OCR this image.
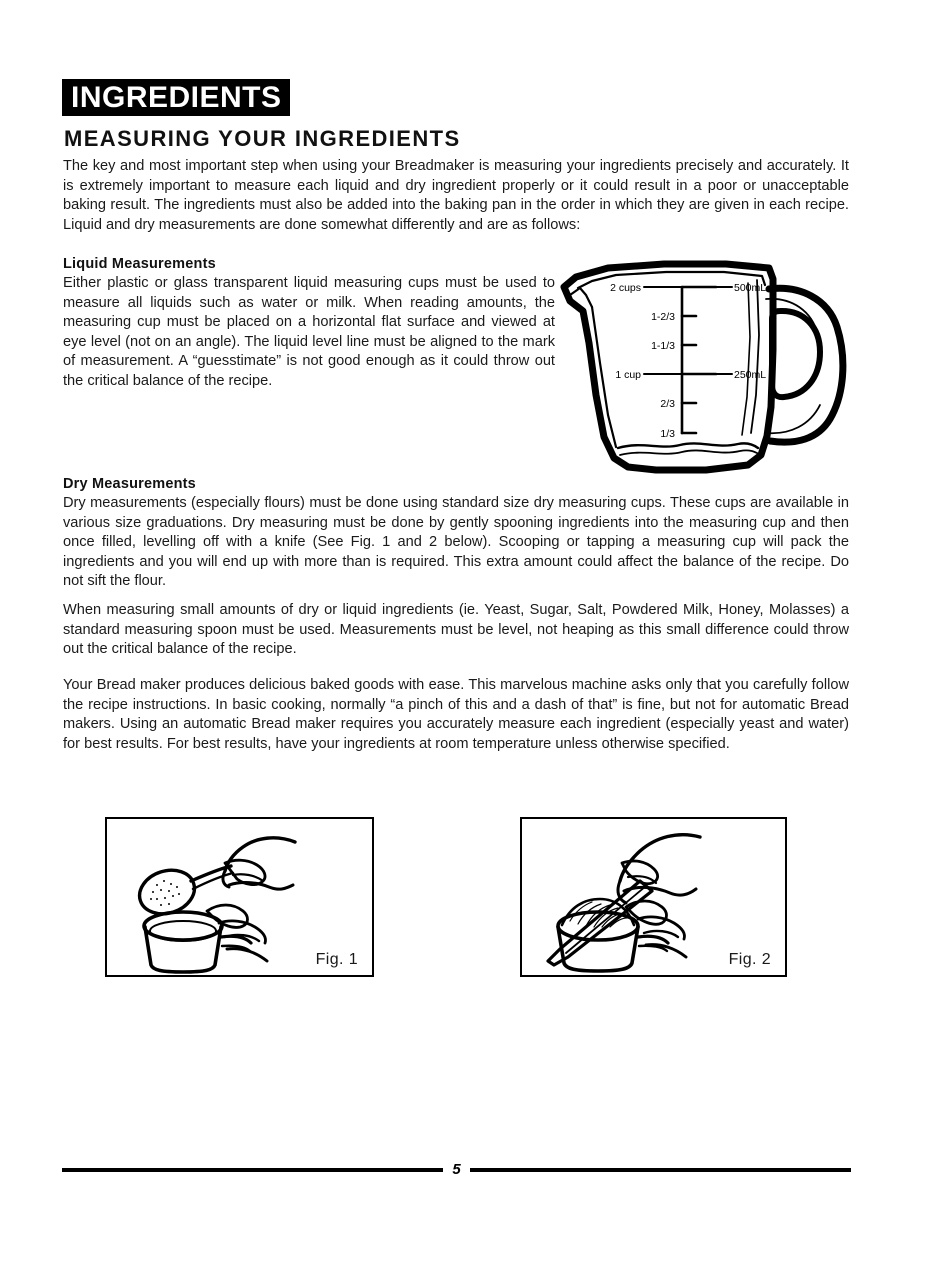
INGREDIENTS
MEASURING YOUR INGREDIENTS

The key and most important step when using your Breadmaker is measuring your ingredients precisely and accurately. It is extremely important to measure each liquid and dry ingredient properly or it could result in a poor or unacceptable baking result. The ingredients must also be added into the baking pan in the order in which they are given in each recipe. Liquid and dry measurements are done somewhat differently and are as follows:

Liquid Measurements

Either plastic or glass transparent liquid measuring cups must be used to measure all liquids such as water or milk. When reading amounts, the measuring cup must be placed on a horizontal flat surface and viewed at eye level (not on an angle). The liquid level line must be aligned to the mark of measurement. A “guesstimate” is not good enough as it could throw out the critical balance of the recipe.

2 cups
1-2/3
1-1/3
1 cup
2/3
1/3
500mL
250mL
Dry Measurements

Dry measurements (especially flours) must be done using standard size dry measuring cups. These cups are available in various size graduations. Dry measuring must be done by gently spooning ingredients into the measuring cup and then once filled, levelling off with a knife (See Fig. 1 and 2 below). Scooping or tapping a measuring cup will pack the ingredients and you will end up with more than is required. This extra amount could affect the balance of the recipe. Do not sift the flour.

When measuring small amounts of dry or liquid ingredients (ie. Yeast, Sugar, Salt, Powdered Milk, Honey, Molasses) a standard measuring spoon must be used. Measurements must be level, not heaping as this small difference could throw out the critical balance of the recipe.

Your Bread maker produces delicious baked goods with ease. This marvelous machine asks only that you carefully follow the recipe instructions. In basic cooking, normally “a pinch of this and a dash of that” is fine, but not for automatic Bread makers. Using an automatic Bread maker requires you accurately measure each ingredient (especially yeast and water) for best results. For best results, have your ingredients at room temperature unless otherwise specified.

Fig. 1	Fig. 2
5
